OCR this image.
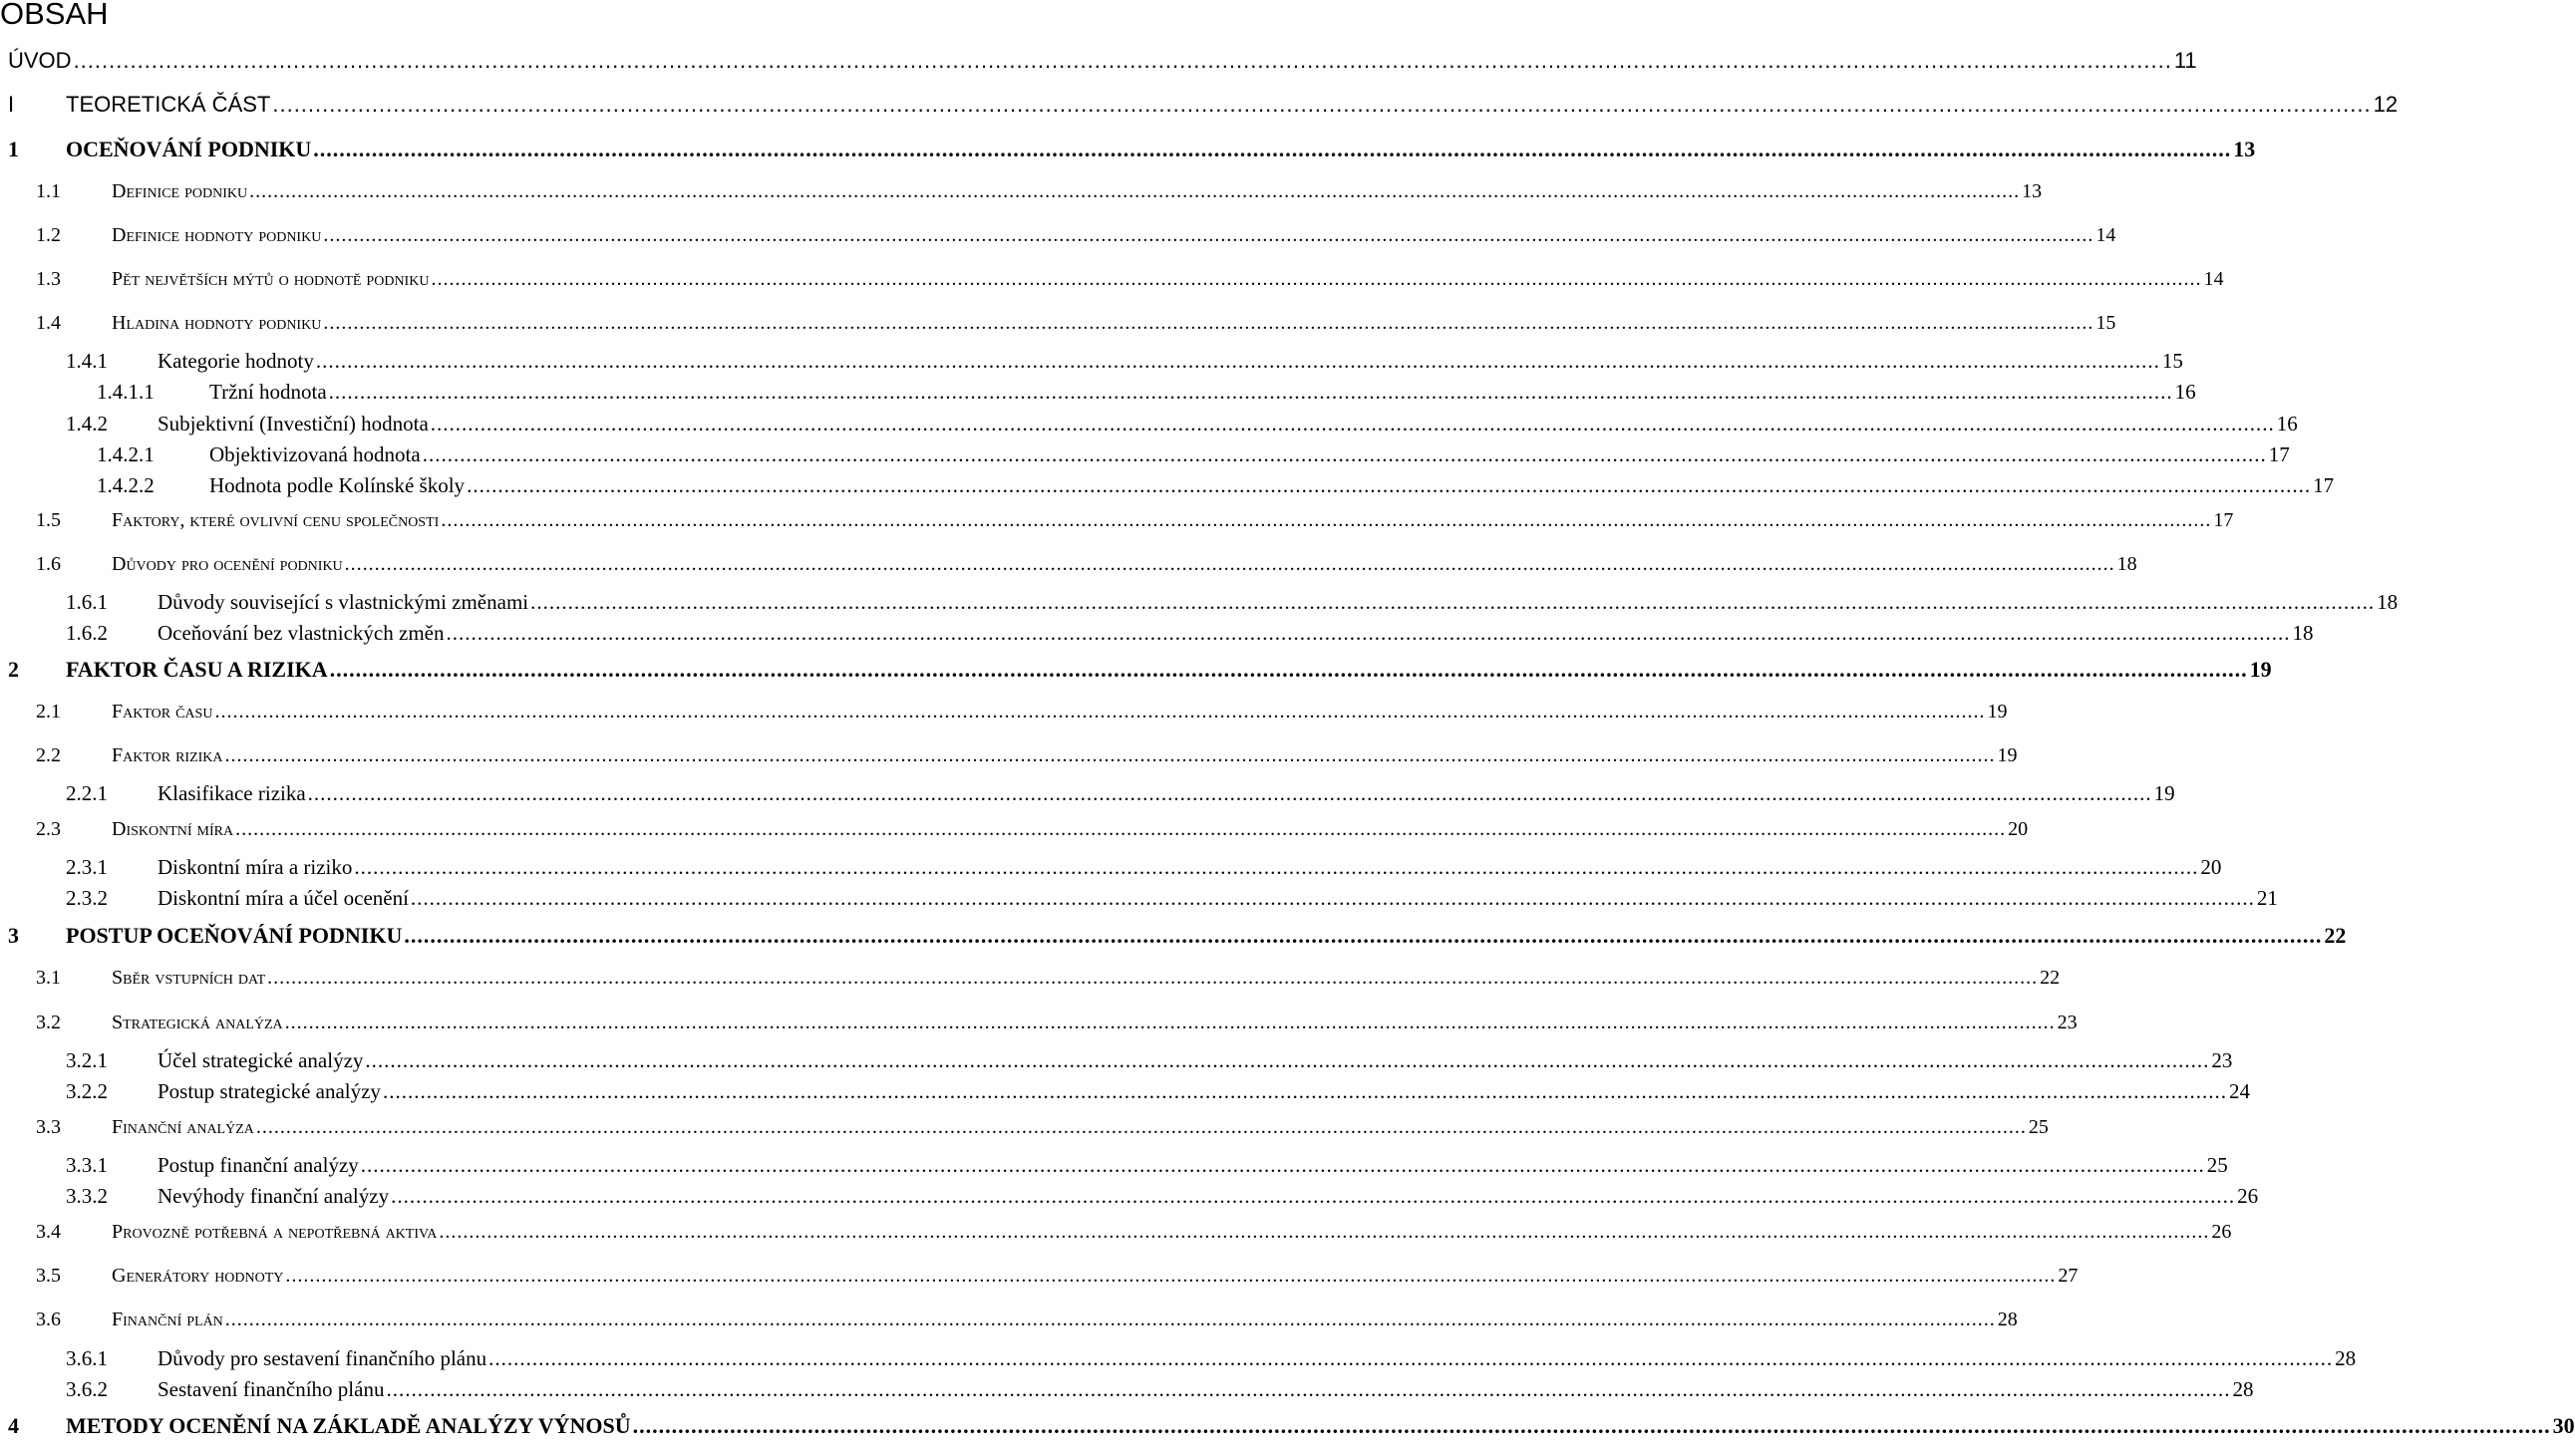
OBSAH
ÚVOD .....	11
I	TEORETICKÁ ČÁST .....	12
1	OCEŇOVÁNÍ PODNIKU .....	13
1.1	Definice podniku .....	13
1.2	Definice hodnoty podniku .....	14
1.3	Pět největších mýtů o hodnotě podniku .....	14
1.4	Hladina hodnoty podniku .....	15
1.4.1	Kategorie hodnoty .....	15
1.4.1.1	Tržní hodnota .....	16
1.4.2	Subjektivní (Investiční) hodnota .....	16
1.4.2.1	Objektivizovaná hodnota .....	17
1.4.2.2	Hodnota podle Kolínské školy .....	17
1.5	Faktory, které ovlivní cenu společnosti .....	17
1.6	Důvody pro ocenění podniku .....	18
1.6.1	Důvody související s vlastnickými změnami .....	18
1.6.2	Oceňování bez vlastnických změn .....	18
2	FAKTOR ČASU A RIZIKA .....	19
2.1	Faktor času .....	19
2.2	Faktor rizika .....	19
2.2.1	Klasifikace rizika .....	19
2.3	Diskontní míra .....	20
2.3.1	Diskontní míra a riziko .....	20
2.3.2	Diskontní míra a účel ocenění .....	21
3	POSTUP OCEŇOVÁNÍ PODNIKU .....	22
3.1	Sběr vstupních dat .....	22
3.2	Strategická analýza .....	23
3.2.1	Účel strategické analýzy .....	23
3.2.2	Postup strategické analýzy .....	24
3.3	Finanční analýza .....	25
3.3.1	Postup finanční analýzy .....	25
3.3.2	Nevýhody finanční analýzy .....	26
3.4	Provozně potřebná a nepotřebná aktiva .....	26
3.5	Generátory hodnoty .....	27
3.6	Finanční plán .....	28
3.6.1	Důvody pro sestavení finančního plánu .....	28
3.6.2	Sestavení finančního plánu .....	28
4	METODY OCENĚNÍ NA ZÁKLADĚ ANALÝZY VÝNOSŮ .....	30
